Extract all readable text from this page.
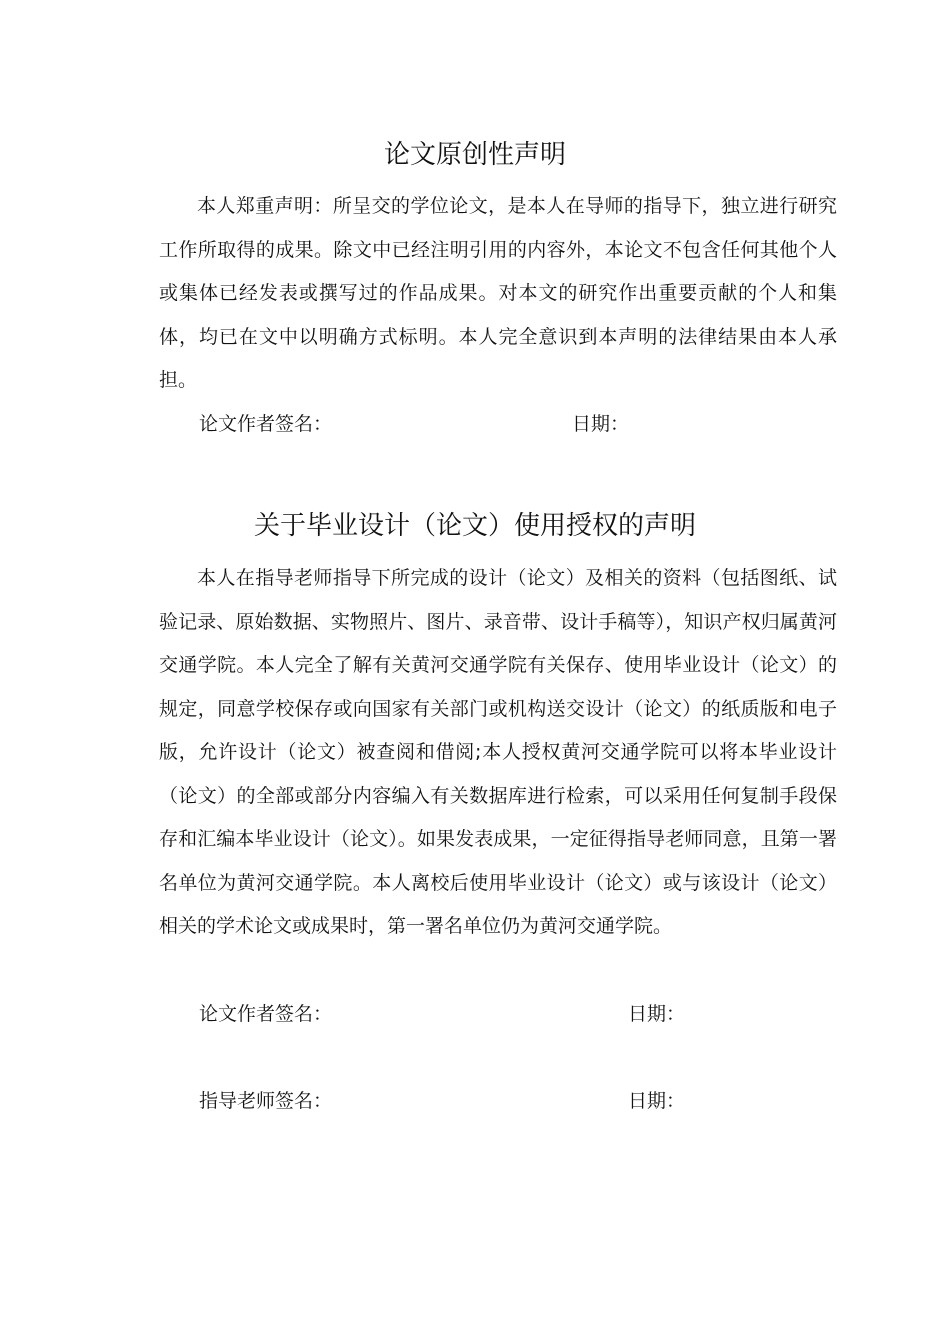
论文原创性声明

本人郑重声明：所呈交的学位论文，是本人在导师的指导下，独立进行研究工作所取得的成果。除文中已经注明引用的内容外，本论文不包含任何其他个人或集体已经发表或撰写过的作品成果。对本文的研究作出重要贡献的个人和集体，均已在文中以明确方式标明。本人完全意识到本声明的法律结果由本人承担。

论文作者签名：	日期：
关于毕业设计（论文）使用授权的声明

本人在指导老师指导下所完成的设计（论文）及相关的资料（包括图纸、试验记录、原始数据、实物照片、图片、录音带、设计手稿等），知识产权归属黄河交通学院。本人完全了解有关黄河交通学院有关保存、使用毕业设计（论文）的规定，同意学校保存或向国家有关部门或机构送交设计（论文）的纸质版和电子版，允许设计（论文）被查阅和借阅;本人授权黄河交通学院可以将本毕业设计（论文）的全部或部分内容编入有关数据库进行检索，可以采用任何复制手段保存和汇编本毕业设计（论文）。如果发表成果，一定征得指导老师同意，且第一署名单位为黄河交通学院。本人离校后使用毕业设计（论文）或与该设计（论文）相关的学术论文或成果时，第一署名单位仍为黄河交通学院。

论文作者签名：	日期：
指导老师签名：	日期：
